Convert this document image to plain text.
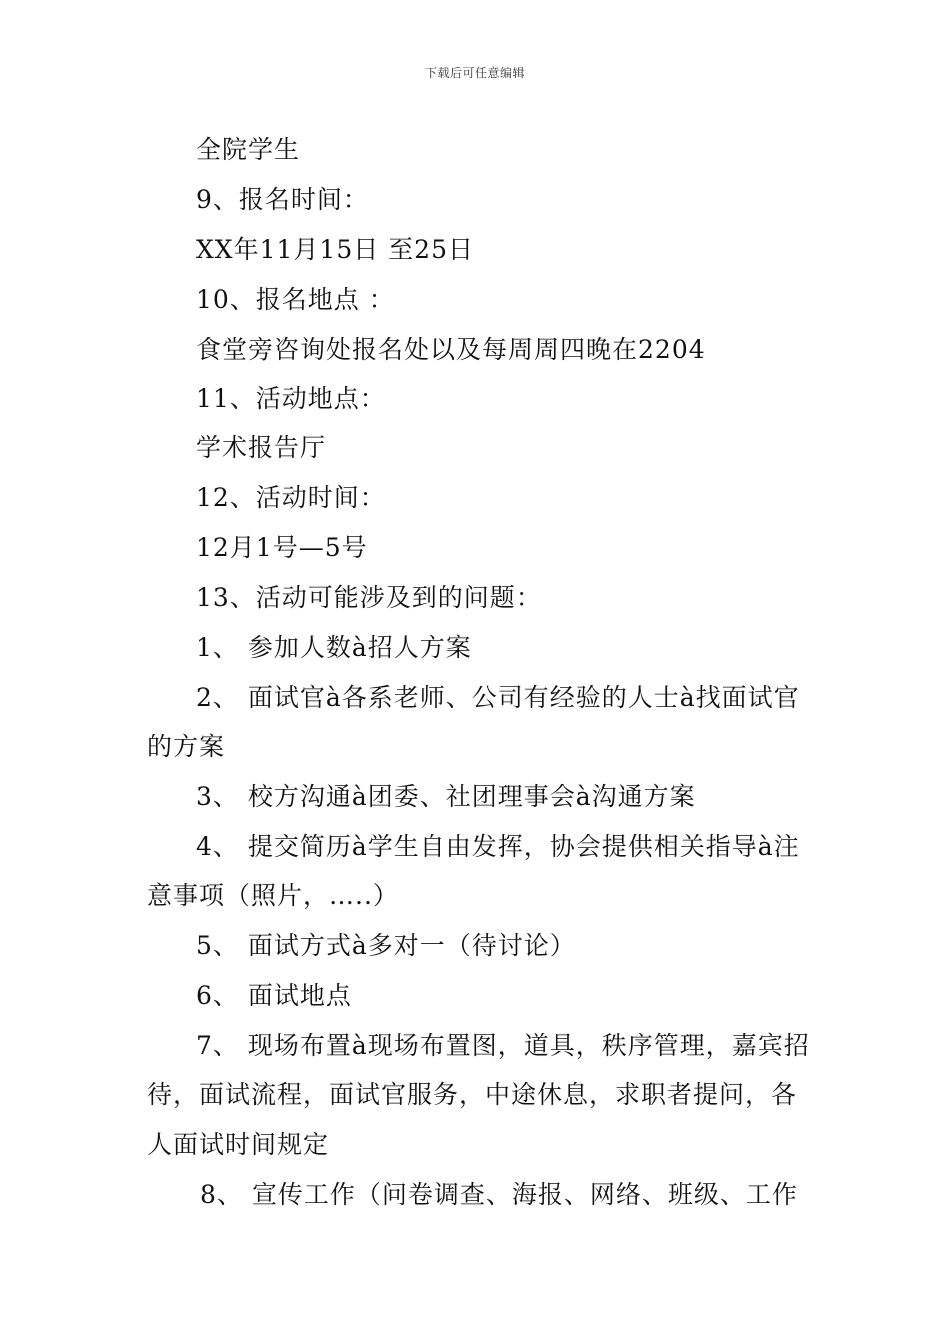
下载后可任意编辑
全院学生
9、报名时间：
XX年11月15日 至25日
10、报名地点 ：
食堂旁咨询处报名处以及每周周四晚在2204
11、活动地点：
学术报告厅
12、活动时间：
12月1号—5号
13、活动可能涉及到的问题：
1、 参加人数à招人方案
2、 面试官à各系老师、公司有经验的人士à找面试官
的方案
3、 校方沟通à团委、社团理事会à沟通方案
4、 提交简历à学生自由发挥，协会提供相关指导à注
意事项（照片，…..）
5、 面试方式à多对一（待讨论）
6、 面试地点
7、 现场布置à现场布置图，道具，秩序管理，嘉宾招
待，面试流程，面试官服务，中途休息，求职者提问，各
人面试时间规定
8、 宣传工作（问卷调查、海报、网络、班级、工作
